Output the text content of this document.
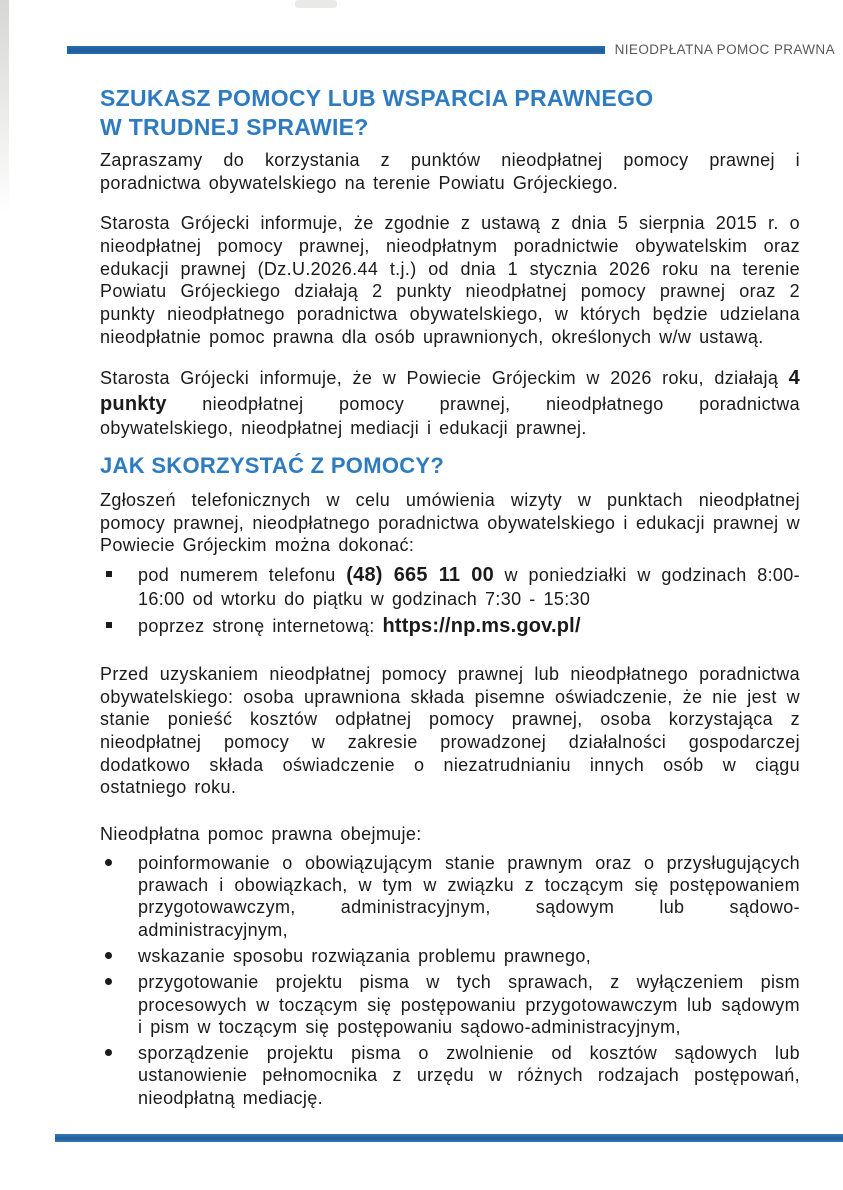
NIEODPŁATNA POMOC PRAWNA
SZUKASZ POMOCY LUB WSPARCIA PRAWNEGO
W TRUDNEJ SPRAWIE?

Zapraszamy do korzystania z punktów nieodpłatnej pomocy prawnej i poradnictwa obywatelskiego na terenie Powiatu Grójeckiego.

Starosta Grójecki informuje, że zgodnie z ustawą z dnia 5 sierpnia 2015 r. o nieodpłatnej pomocy prawnej, nieodpłatnym poradnictwie obywatelskim oraz edukacji prawnej (Dz.U.2026.44 t.j.) od dnia 1 stycznia 2026 roku na terenie Powiatu Grójeckiego działają 2 punkty nieodpłatnej pomocy prawnej oraz 2 punkty nieodpłatnego poradnictwa obywatelskiego, w których będzie udzielana nieodpłatnie pomoc prawna dla osób uprawnionych, określonych w/w ustawą.

Starosta Grójecki informuje, że w Powiecie Grójeckim w 2026 roku, działają 4 punkty nieodpłatnej pomocy prawnej, nieodpłatnego poradnictwa obywatelskiego, nieodpłatnej mediacji i edukacji prawnej.

JAK SKORZYSTAĆ Z POMOCY?

Zgłoszeń telefonicznych w celu umówienia wizyty w punktach nieodpłatnej pomocy prawnej, nieodpłatnego poradnictwa obywatelskiego i edukacji prawnej w Powiecie Grójeckim można dokonać:

pod numerem telefonu (48) 665 11 00 w poniedziałki w godzinach 8:00-16:00 od wtorku do piątku w godzinach 7:30 - 15:30
poprzez stronę internetową: https://np.ms.gov.pl/

Przed uzyskaniem nieodpłatnej pomocy prawnej lub nieodpłatnego poradnictwa obywatelskiego: osoba uprawniona składa pisemne oświadczenie, że nie jest w stanie ponieść kosztów odpłatnej pomocy prawnej, osoba korzystająca z nieodpłatnej pomocy w zakresie prowadzonej działalności gospodarczej dodatkowo składa oświadczenie o niezatrudnianiu innych osób w ciągu ostatniego roku.

Nieodpłatna pomoc prawna obejmuje:

poinformowanie o obowiązującym stanie prawnym oraz o przysługujących prawach i obowiązkach, w tym w związku z toczącym się postępowaniem przygotowawczym, administracyjnym, sądowym lub sądowo-administracyjnym,
wskazanie sposobu rozwiązania problemu prawnego,
przygotowanie projektu pisma w tych sprawach, z wyłączeniem pism procesowych w toczącym się postępowaniu przygotowawczym lub sądowym i pism w toczącym się postępowaniu sądowo-administracyjnym,
sporządzenie projektu pisma o zwolnienie od kosztów sądowych lub ustanowienie pełnomocnika z urzędu w różnych rodzajach postępowań, nieodpłatną mediację.
